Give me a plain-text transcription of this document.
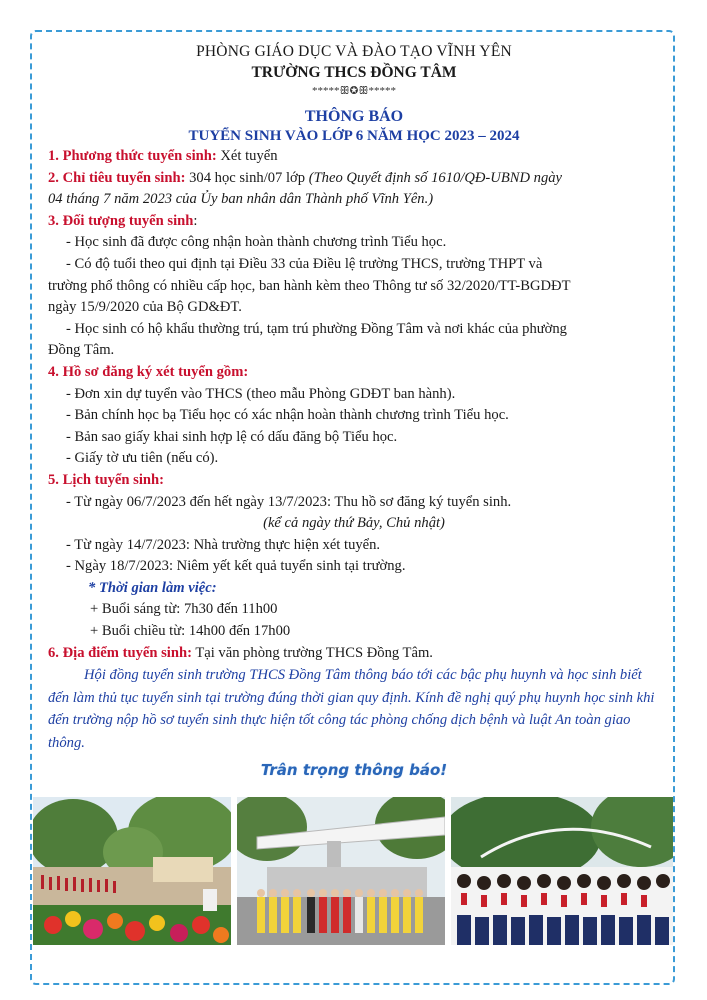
PHÒNG GIÁO DỤC VÀ ĐÀO TẠO VĨNH YÊN
TRƯỜNG THCS ĐỒNG TÂM
*****ꕥ✪ꕥ*****
THÔNG BÁO
TUYỂN SINH VÀO LỚP 6 NĂM HỌC 2023 – 2024

1. Phương thức tuyển sinh: Xét tuyển

2. Chỉ tiêu tuyển sinh: 304 học sinh/07 lớp (Theo Quyết định số 1610/QĐ-UBND ngày

04 tháng 7 năm 2023 của Ủy ban nhân dân Thành phố Vĩnh Yên.)

3. Đối tượng tuyển sinh:

- Học sinh đã được công nhận hoàn thành chương trình Tiểu học.

- Có độ tuổi theo qui định tại Điều 33 của Điều lệ trường THCS, trường THPT và

trường phổ thông có nhiều cấp học, ban hành kèm theo Thông tư số 32/2020/TT-BGDĐT

ngày 15/9/2020 của Bộ GD&ĐT.

- Học sinh có hộ khẩu thường trú, tạm trú phường Đồng Tâm và nơi khác của phường

Đồng Tâm.

4. Hồ sơ đăng ký xét tuyển gồm:

- Đơn xin dự tuyển vào THCS (theo mẫu Phòng GDĐT ban hành).

- Bản chính học bạ Tiểu học có xác nhận hoàn thành chương trình Tiểu học.

- Bản sao giấy khai sinh hợp lệ có dấu đăng bộ Tiểu học.

- Giấy tờ ưu tiên (nếu có).

5. Lịch tuyển sinh:

- Từ ngày 06/7/2023 đến hết ngày 13/7/2023: Thu hồ sơ đăng ký tuyển sinh.

(kể cả ngày thứ Bảy, Chủ nhật)

- Từ ngày 14/7/2023: Nhà trường thực hiện xét tuyển.

- Ngày 18/7/2023: Niêm yết kết quả tuyển sinh tại trường.

* Thời gian làm việc:

+ Buổi sáng từ: 7h30 đến 11h00

+ Buổi chiều từ: 14h00 đến 17h00

6. Địa điểm tuyển sinh: Tại văn phòng trường THCS Đồng Tâm.

Hội đồng tuyển sinh trường THCS Đồng Tâm thông báo tới các bậc phụ huynh và học sinh biết đến làm thủ tục tuyển sinh tại trường đúng thời gian quy định. Kính đề nghị quý phụ huynh học sinh khi đến trường nộp hồ sơ tuyển sinh thực hiện tốt công tác phòng chống dịch bệnh và luật An toàn giao thông.

Trân trọng thông báo!
